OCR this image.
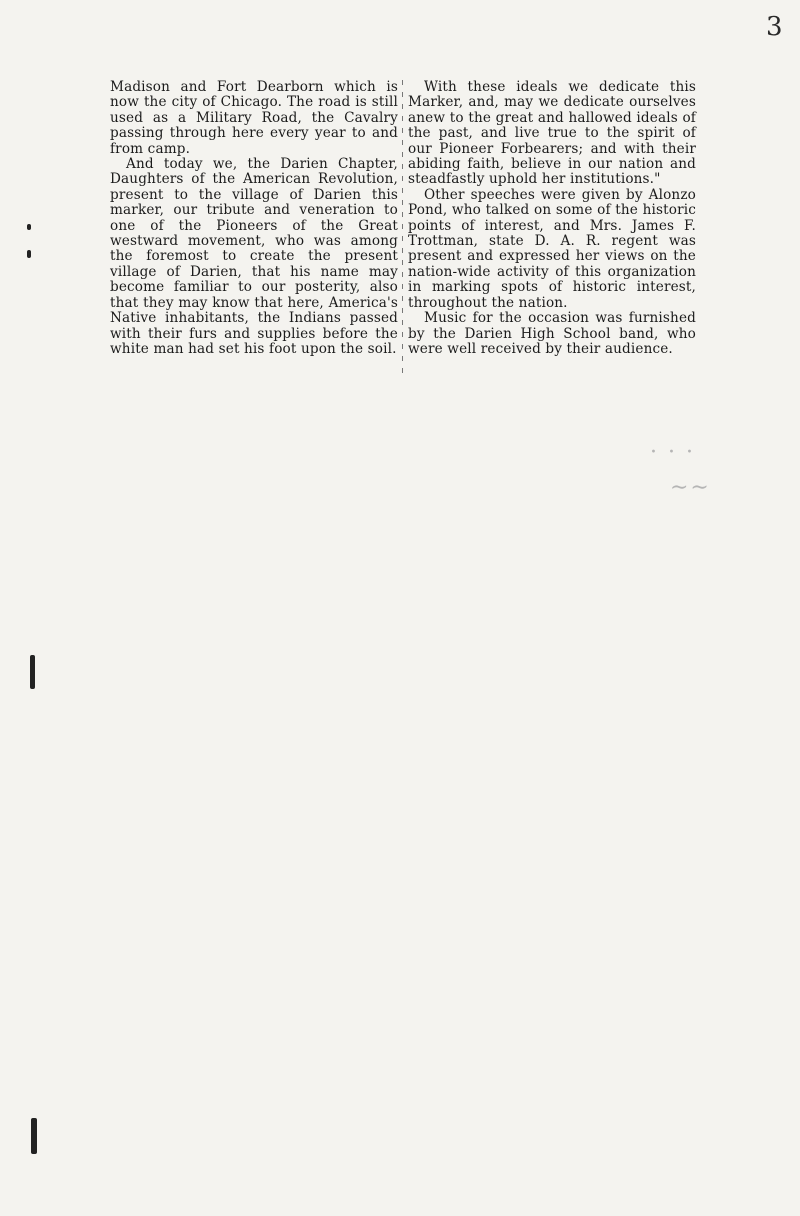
3

Madison and Fort Dearborn which is now the city of Chicago. The road is still used as a Military Road, the Cavalry passing through here every year to and from camp.

And today we, the Darien Chapter, Daughters of the American Revolution, present to the village of Darien this marker, our tribute and veneration to one of the Pioneers of the Great westward movement, who was among the foremost to create the present village of Darien, that his name may become familiar to our posterity, also that they may know that here, America's Native inhabitants, the Indians passed with their furs and supplies before the white man had set his foot upon the soil.

With these ideals we dedicate this Marker, and, may we dedicate ourselves anew to the great and hallowed ideals of the past, and live true to the spirit of our Pioneer Forbearers; and with their abiding faith, believe in our nation and steadfastly uphold her institutions."

Other speeches were given by Alonzo Pond, who talked on some of the historic points of interest, and Mrs. James F. Trottman, state D. A. R. regent was present and expressed her views on the nation-wide activity of this organization in marking spots of historic interest, throughout the nation.

Music for the occasion was furnished by the Darien High School band, who were well received by their audience.

· · ·
∼∼
